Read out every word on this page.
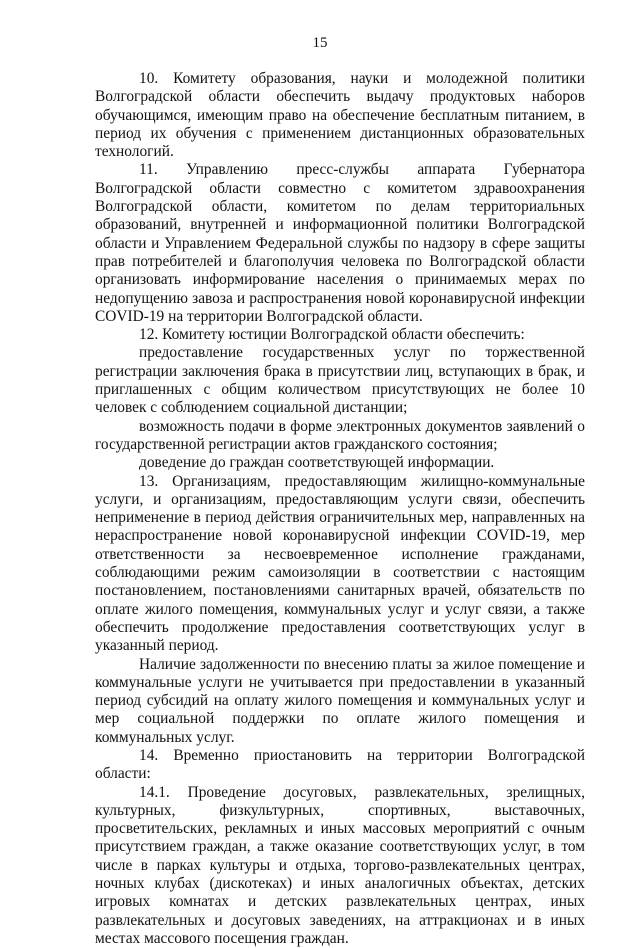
15

10. Комитету образования, науки и молодежной политики Волгоградской области обеспечить выдачу продуктовых наборов обучающимся, имеющим право на обеспечение бесплатным питанием, в период их обучения с применением дистанционных образовательных технологий.

11. Управлению пресс-службы аппарата Губернатора Волгоградской области совместно с комитетом здравоохранения Волгоградской области, комитетом по делам территориальных образований, внутренней и информационной политики Волгоградской области и Управлением Федеральной службы по надзору в сфере защиты прав потребителей и благополучия человека по Волгоградской области организовать информирование населения о принимаемых мерах по недопущению завоза и распространения новой коронавирусной инфекции COVID-19 на территории Волгоградской области.

12. Комитету юстиции Волгоградской области обеспечить:

предоставление государственных услуг по торжественной регистрации заключения брака в присутствии лиц, вступающих в брак, и приглашенных с общим количеством присутствующих не более 10 человек с соблюдением социальной дистанции;

возможность подачи в форме электронных документов заявлений о государственной регистрации актов гражданского состояния;

доведение до граждан соответствующей информации.

13. Организациям, предоставляющим жилищно-коммунальные услуги, и организациям, предоставляющим услуги связи, обеспечить неприменение в период действия ограничительных мер, направленных на нераспространение новой коронавирусной инфекции COVID-19, мер ответственности за несвоевременное исполнение гражданами, соблюдающими режим самоизоляции в соответствии с настоящим постановлением, постановлениями санитарных врачей, обязательств по оплате жилого помещения, коммунальных услуг и услуг связи, а также обеспечить продолжение предоставления соответствующих услуг в указанный период.

Наличие задолженности по внесению платы за жилое помещение и коммунальные услуги не учитывается при предоставлении в указанный период субсидий на оплату жилого помещения и коммунальных услуг и мер социальной поддержки по оплате жилого помещения и коммунальных услуг.

14. Временно приостановить на территории Волгоградской области:

14.1. Проведение досуговых, развлекательных, зрелищных, культурных, физкультурных, спортивных, выставочных, просветительских, рекламных и иных массовых мероприятий с очным присутствием граждан, а также оказание соответствующих услуг, в том числе в парках культуры и отдыха, торгово-развлекательных центрах, ночных клубах (дискотеках) и иных аналогичных объектах, детских игровых комнатах и детских развлекательных центрах, иных развлекательных и досуговых заведениях, на аттракционах и в иных местах массового посещения граждан.
